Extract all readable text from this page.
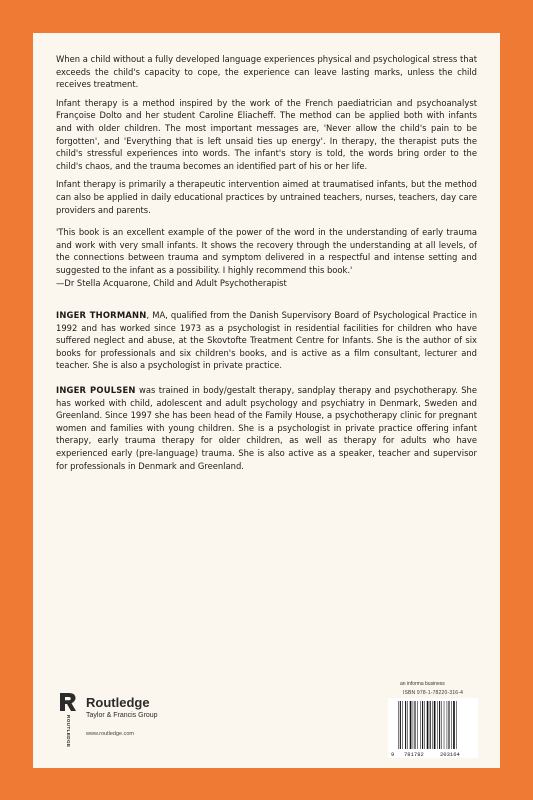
When a child without a fully developed language experiences physical and psychological stress that exceeds the child's capacity to cope, the experience can leave lasting marks, unless the child receives treatment.

Infant therapy is a method inspired by the work of the French paediatrician and psychoanalyst Françoise Dolto and her student Caroline Eliacheff. The method can be applied both with infants and with older children. The most important messages are, 'Never allow the child's pain to be forgotten', and 'Everything that is left unsaid ties up energy'. In therapy, the therapist puts the child's stressful experiences into words. The infant's story is told, the words bring order to the child's chaos, and the trauma becomes an identified part of his or her life.

Infant therapy is primarily a therapeutic intervention aimed at traumatised infants, but the method can also be applied in daily educational practices by untrained teachers, nurses, teachers, day care providers and parents.

'This book is an excellent example of the power of the word in the understanding of early trauma and work with very small infants. It shows the recovery through the understanding at all levels, of the connections between trauma and symptom delivered in a respectful and intense setting and suggested to the infant as a possibility. I highly recommend this book.'
—Dr Stella Acquarone, Child and Adult Psychotherapist

INGER THORMANN, MA, qualified from the Danish Supervisory Board of Psychological Practice in 1992 and has worked since 1973 as a psychologist in residential facilities for children who have suffered neglect and abuse, at the Skovtofte Treatment Centre for Infants. She is the author of six books for professionals and six children's books, and is active as a film consultant, lecturer and teacher. She is also a psychologist in private practice.

INGER POULSEN was trained in body/gestalt therapy, sandplay therapy and psychotherapy. She has worked with child, adolescent and adult psychology and psychiatry in Denmark, Sweden and Greenland. Since 1997 she has been head of the Family House, a psychotherapy clinic for pregnant women and families with young children. She is a psychologist in private practice offering infant therapy, early trauma therapy for older children, as well as therapy for adults who have experienced early (pre-language) trauma. She is also active as a speaker, teacher and supervisor for professionals in Denmark and Greenland.

ROUTLEDGE
Routledge
Taylor & Francis Group
www.routledge.com
an informa business
ISBN 978-1-78220-316-4
9 781782	203164
